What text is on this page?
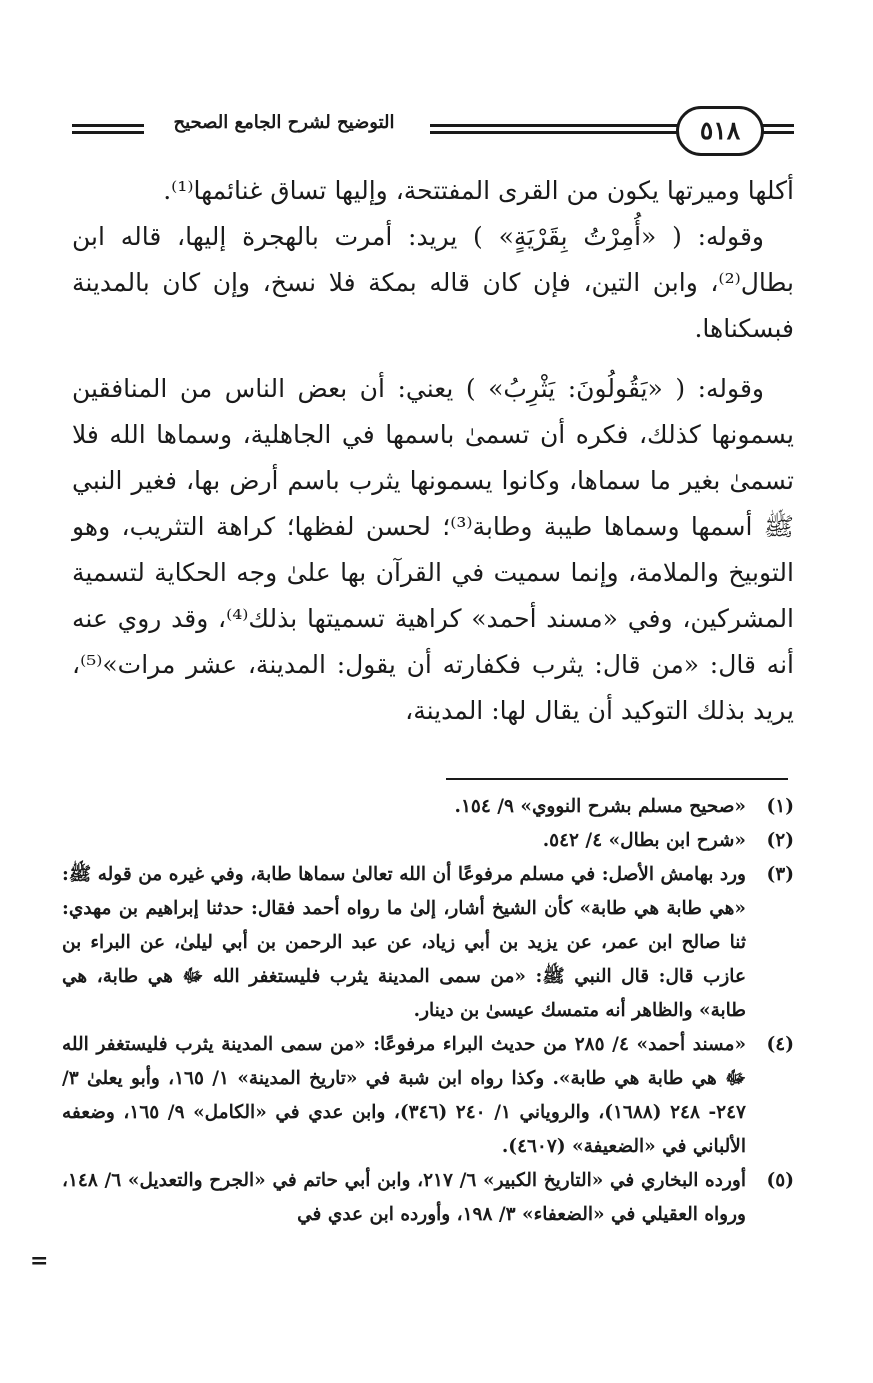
٥١٨
التوضيح لشرح الجامع الصحيح

أكلها وميرتها يكون من القرى المفتتحة، وإليها تساق غنائمها⁽¹⁾.

وقوله: ( «أُمِرْتُ بِقَرْيَةٍ» ) يريد: أمرت بالهجرة إليها، قاله ابن بطال⁽²⁾، وابن التين، فإن كان قاله بمكة فلا نسخ، وإن كان بالمدينة فبسكناها.

وقوله: ( «يَقُولُونَ: يَثْرِبُ» ) يعني: أن بعض الناس من المنافقين يسمونها كذلك، فكره أن تسمىٰ باسمها في الجاهلية، وسماها الله فلا تسمىٰ بغير ما سماها، وكانوا يسمونها يثرب باسم أرض بها، فغير النبي ﷺ أسمها وسماها طيبة وطابة⁽³⁾؛ لحسن لفظها؛ كراهة التثريب، وهو التوبيخ والملامة، وإنما سميت في القرآن بها علىٰ وجه الحكاية لتسمية المشركين، وفي «مسند أحمد» كراهية تسميتها بذلك⁽⁴⁾، وقد روي عنه أنه قال: «من قال: يثرب فكفارته أن يقول: المدينة، عشر مرات»⁽⁵⁾، يريد بذلك التوكيد أن يقال لها: المدينة،

(١)
«صحيح مسلم بشرح النووي» ٩/ ١٥٤.
(٢)
«شرح ابن بطال» ٤/ ٥٤٢.
(٣)
ورد بهامش الأصل: في مسلم مرفوعًا أن الله تعالىٰ سماها طابة، وفي غيره من قوله ﷺ: «هي طابة هي طابة» كأن الشيخ أشار، إلىٰ ما رواه أحمد فقال: حدثنا إبراهيم بن مهدي: ثنا صالح ابن عمر، عن يزيد بن أبي زياد، عن عبد الرحمن بن أبي ليلىٰ، عن البراء بن عازب قال: قال النبي ﷺ: «من سمى المدينة يثرب فليستغفر الله ﷻ هي طابة، هي طابة» والظاهر أنه متمسك عيسىٰ بن دينار.
(٤)
«مسند أحمد» ٤/ ٢٨٥ من حديث البراء مرفوعًا: «من سمى المدينة يثرب فليستغفر الله ﷻ هي طابة هي طابة». وكذا رواه ابن شبة في «تاريخ المدينة» ١/ ١٦٥، وأبو يعلىٰ ٣/ ٢٤٧- ٢٤٨ (١٦٨٨)، والروياني ١/ ٢٤٠ (٣٤٦)، وابن عدي في «الكامل» ٩/ ١٦٥، وضعفه الألباني في «الضعيفة» (٤٦٠٧).
(٥)
أورده البخاري في «التاريخ الكبير» ٦/ ٢١٧، وابن أبي حاتم في «الجرح والتعديل» ٦/ ١٤٨، ورواه العقيلي في «الضعفاء» ٣/ ١٩٨، وأورده ابن عدي في
=
